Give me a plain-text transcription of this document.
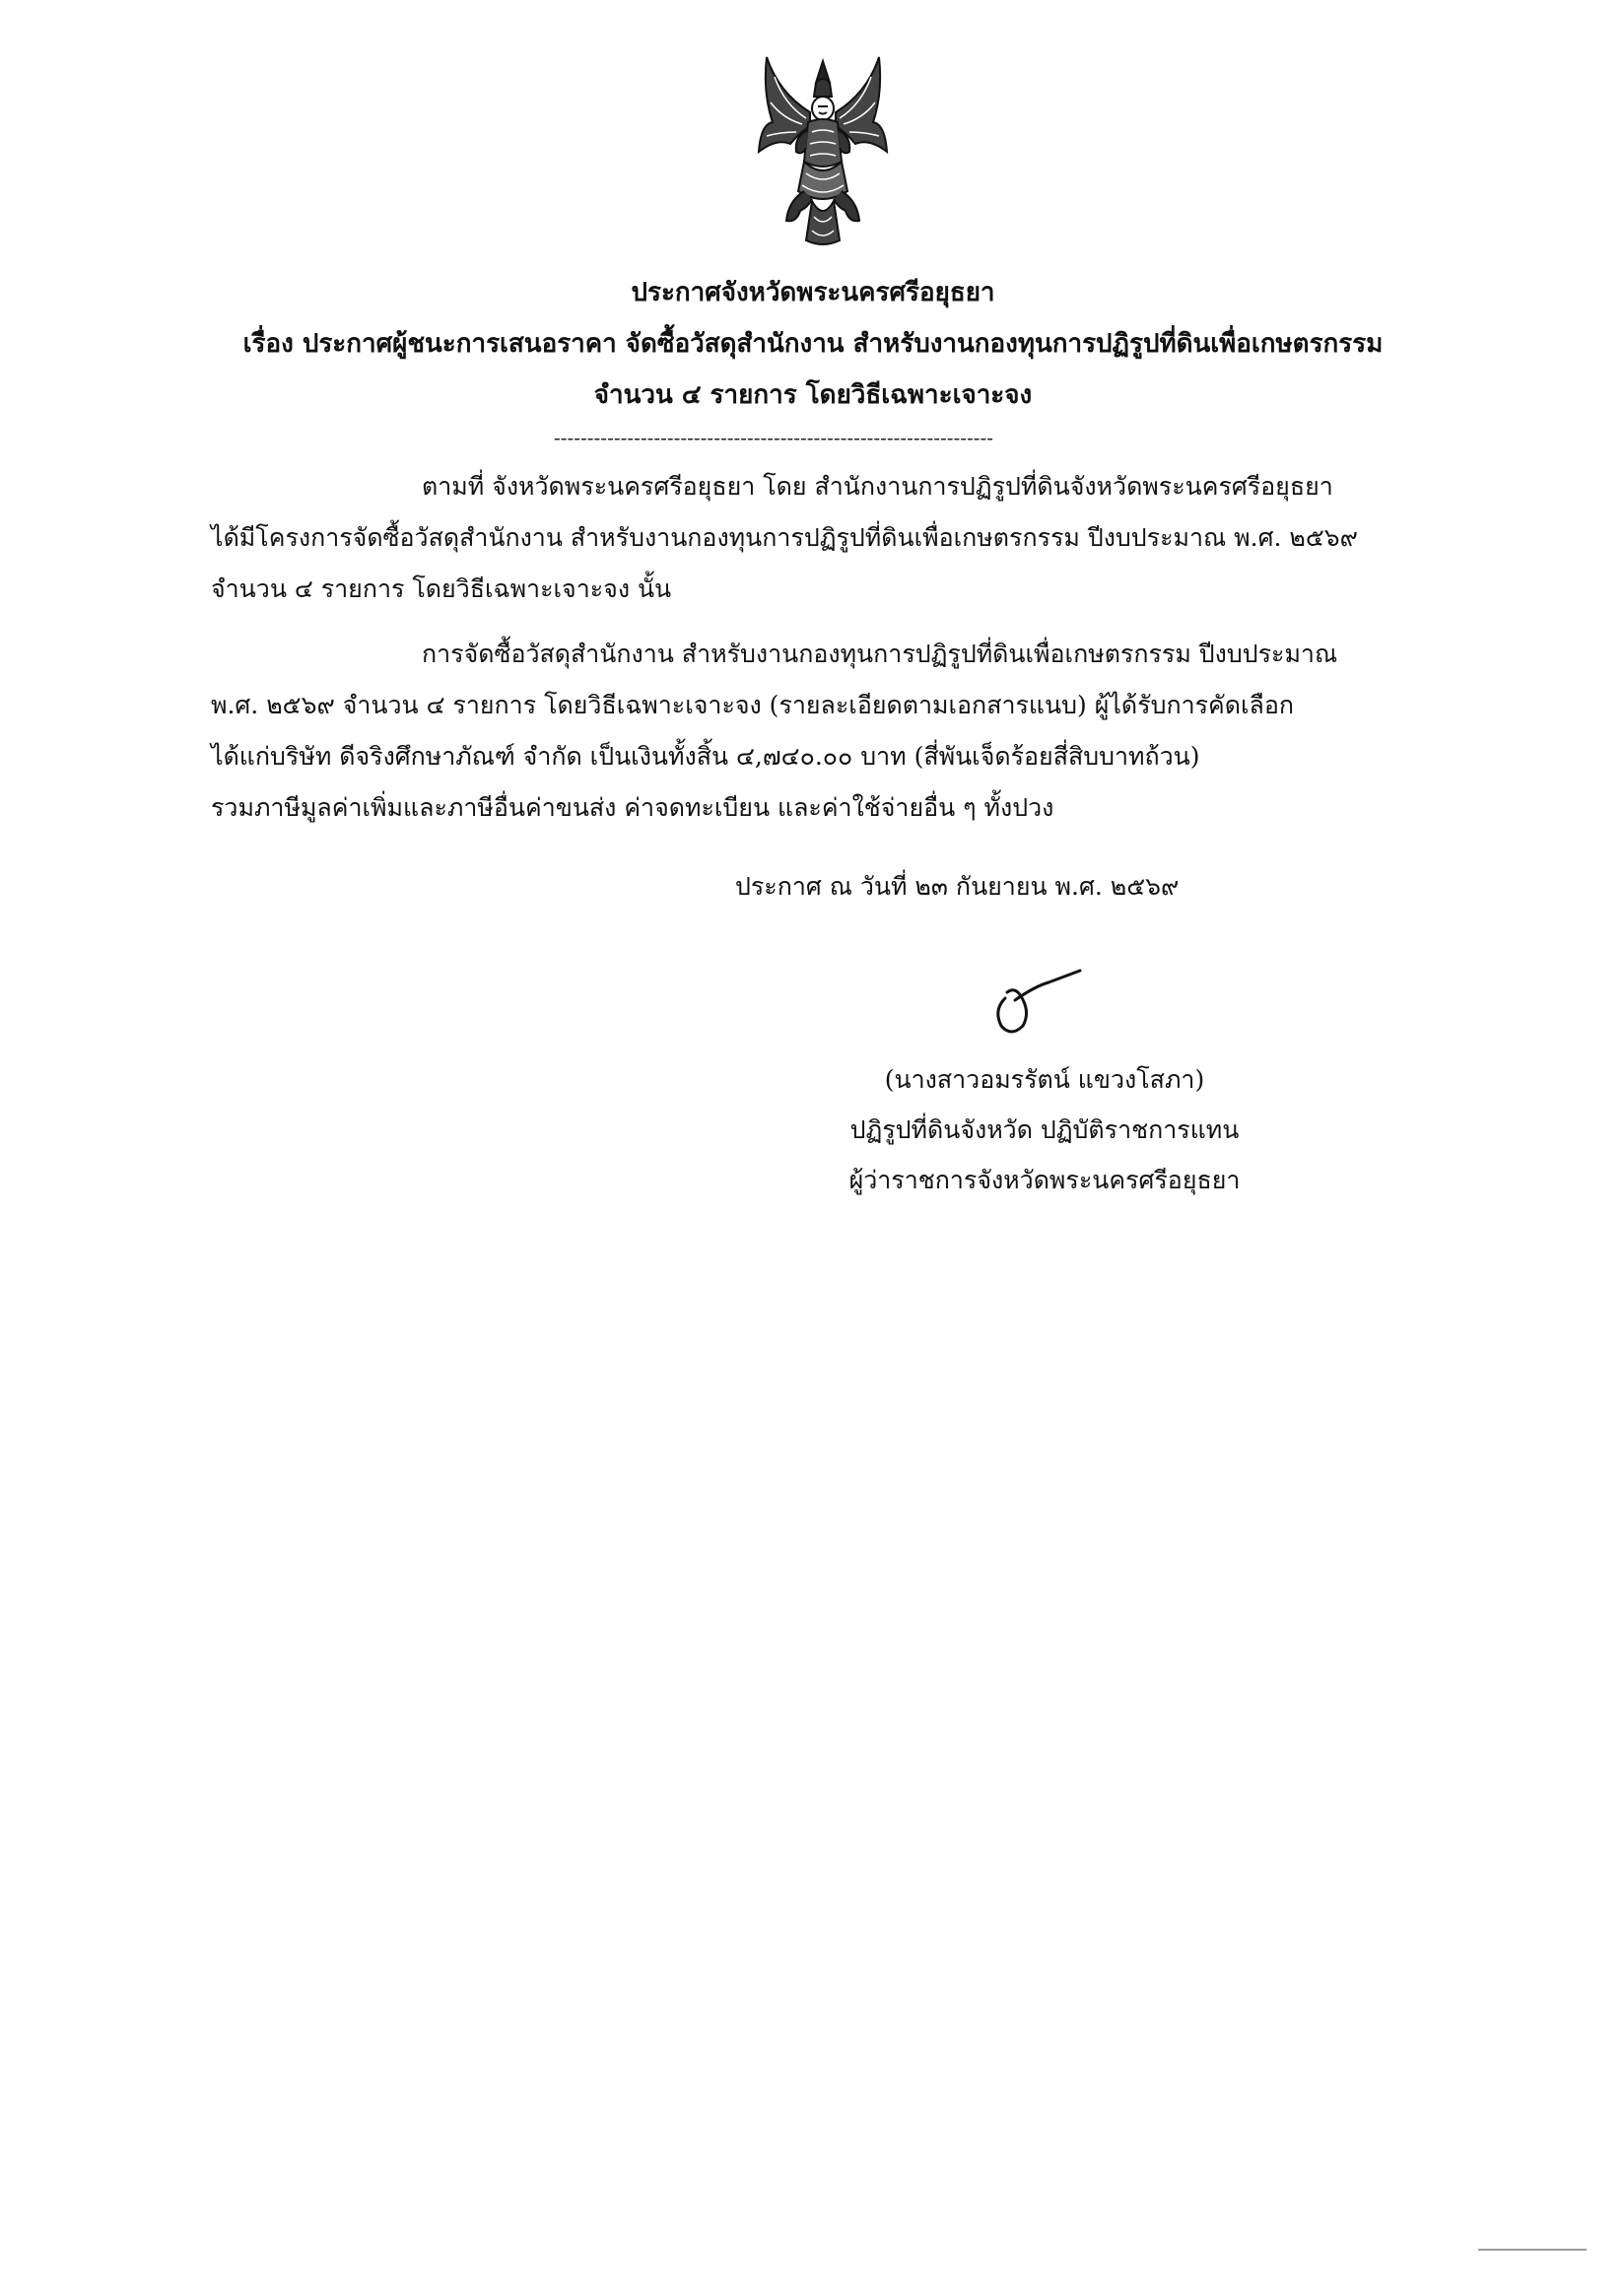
ประกาศจังหวัดพระนครศรีอยุธยา
เรื่อง ประกาศผู้ชนะการเสนอราคา จัดซื้อวัสดุสำนักงาน สำหรับงานกองทุนการปฏิรูปที่ดินเพื่อเกษตรกรรม
จำนวน ๔ รายการ โดยวิธีเฉพาะเจาะจง
------------------------------------------------------------------
ตามที่ จังหวัดพระนครศรีอยุธยา โดย สำนักงานการปฏิรูปที่ดินจังหวัดพระนครศรีอยุธยา
ได้มีโครงการจัดซื้อวัสดุสำนักงาน สำหรับงานกองทุนการปฏิรูปที่ดินเพื่อเกษตรกรรม ปีงบประมาณ พ.ศ. ๒๕๖๙
จำนวน ๔ รายการ โดยวิธีเฉพาะเจาะจง นั้น
การจัดซื้อวัสดุสำนักงาน สำหรับงานกองทุนการปฏิรูปที่ดินเพื่อเกษตรกรรม ปีงบประมาณ
พ.ศ. ๒๕๖๙ จำนวน ๔ รายการ โดยวิธีเฉพาะเจาะจง (รายละเอียดตามเอกสารแนบ) ผู้ได้รับการคัดเลือก
ได้แก่บริษัท ดีจริงศึกษาภัณฑ์ จำกัด เป็นเงินทั้งสิ้น ๔,๗๔๐.๐๐ บาท (สี่พันเจ็ดร้อยสี่สิบบาทถ้วน)
รวมภาษีมูลค่าเพิ่มและภาษีอื่นค่าขนส่ง ค่าจดทะเบียน และค่าใช้จ่ายอื่น ๆ ทั้งปวง
ประกาศ ณ วันที่ ๒๓ กันยายน พ.ศ. ๒๕๖๙
(นางสาวอมรรัตน์ แขวงโสภา)
ปฏิรูปที่ดินจังหวัด ปฏิบัติราชการแทน
ผู้ว่าราชการจังหวัดพระนครศรีอยุธยา
